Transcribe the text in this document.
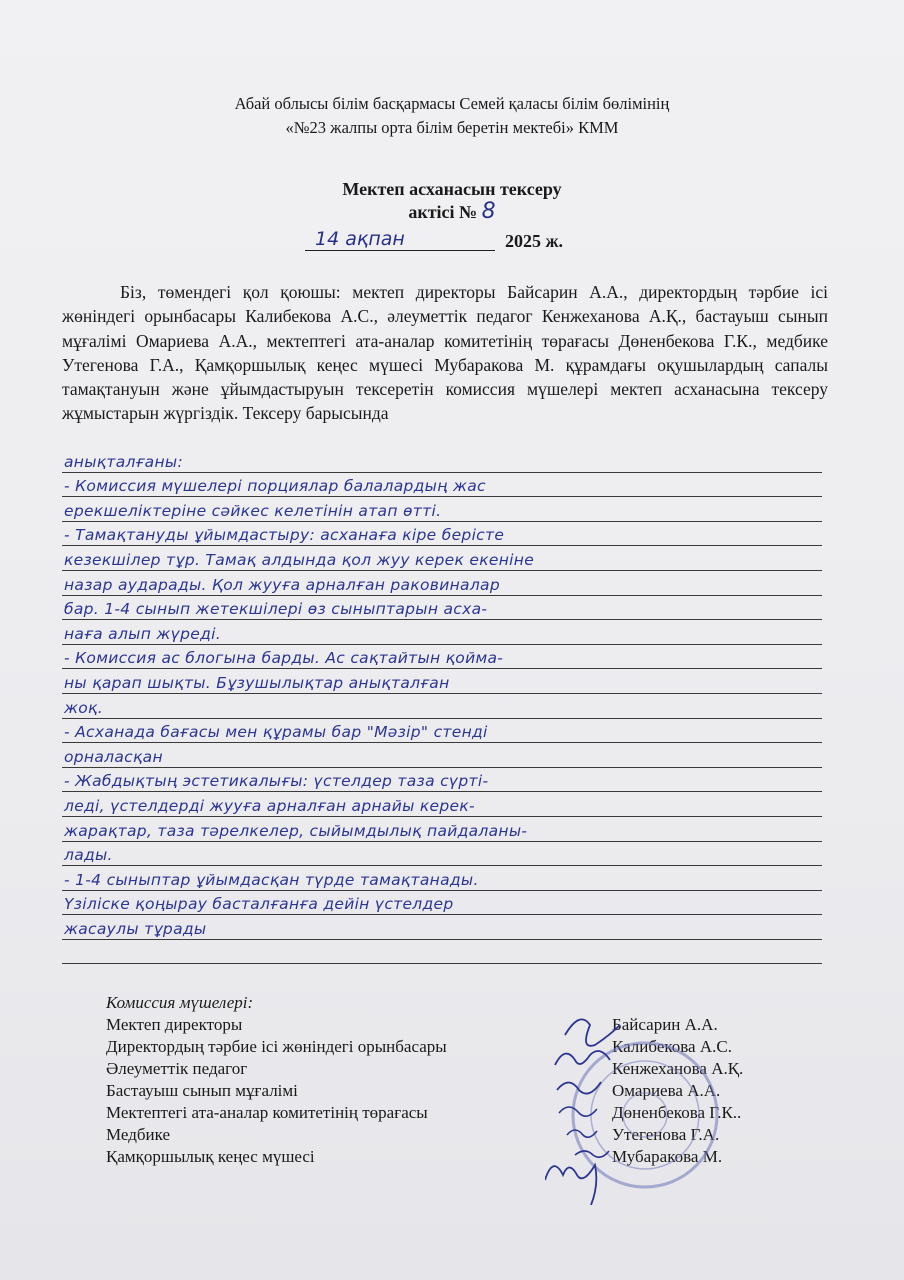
Абай облысы білім басқармасы Семей қаласы білім бөлімінің
«№23 жалпы орта білім беретін мектебі» КММ
Мектеп асханасын тексеру
актісі № 8
14 ақпан	2025 ж.
Біз, төмендегі қол қоюшы: мектеп директоры Байсарин А.А., директордың тәрбие ісі жөніндегі орынбасары Калибекова А.С., әлеуметтік педагог Кенжеханова А.Қ., бастауыш сынып мұғалімі Омариева А.А., мектептегі ата-аналар комитетінің төрағасы Дөненбекова Г.К., медбике Утегенова Г.А., Қамқоршылық кеңес мүшесі Мубаракова М. құрамдағы оқушылардың сапалы тамақтануын және ұйымдастыруын тексеретін комиссия мүшелері мектеп асханасына тексеру жұмыстарын жүргіздік. Тексеру барысында
анықталғаны:
- Комиссия мүшелері порциялар балалардың жас
ерекшеліктеріне сәйкес келетінін атап өтті.
- Тамақтануды ұйымдастыру: асханаға кіре берісте
кезекшілер тұр. Тамақ алдында қол жуу керек екеніне
назар аударады. Қол жууға арналған раковиналар
бар. 1-4 сынып жетекшілері өз сыныптарын асха-
наға алып жүреді.
- Комиссия ас блогына барды. Ас сақтайтын қойма-
ны қарап шықты. Бұзушылықтар анықталған
жоқ.
- Асханада бағасы мен құрамы бар "Мәзір" стенді
орналасқан
- Жабдықтың эстетикалығы: үстелдер таза сүртi-
леді, үстелдерді жууға арналған арнайы керек-
жарақтар, таза тәрелкелер, сыйымдылық пайдаланы-
лады.
- 1-4 сыныптар ұйымдасқан түрде тамақтанады.
Үзіліске қоңырау басталғанға дейін үстелдер
жасаулы тұрады
Комиссия мүшелері:
Мектеп директоры
Директордың тәрбие ісі жөніндегі орынбасары
Әлеуметтік педагог
Бастауыш сынып мұғалімі
Мектептегі ата-аналар комитетінің төрағасы
Медбике
Қамқоршылық кеңес мүшесі
Байсарин А.А.
Калибекова А.С.
Кенжеханова А.Қ.
Омариева А.А.
Дөненбекова Г.К..
Утегенова Г.А.
Мубаракова М.
